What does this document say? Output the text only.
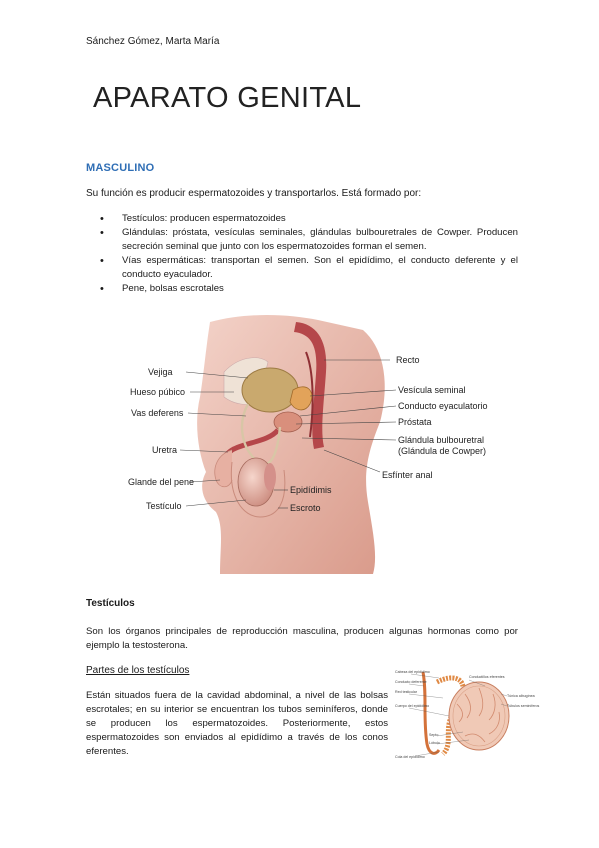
Sánchez Gómez, Marta María
APARATO GENITAL
MASCULINO
Su función es producir espermatozoides y transportarlos. Está formado por:
• Testículos: producen espermatozoides
• Glándulas: próstata, vesículas seminales, glándulas bulbouretrales de Cowper. Producen secreción seminal que junto con los espermatozoides forman el semen.
• Vías espermáticas: transportan el semen. Son el epidídimo, el conducto deferente y el conducto eyaculador.
• Pene, bolsas escrotales
Vejiga
Hueso púbico
Vas deferens
Uretra
Glande del pene
Testículo
Recto
Vesícula seminal
Conducto eyaculatorio
Próstata
Glándula bulbouretral
(Glándula de Cowper)
Esfínter anal
Epidídimis
Escroto
Testículos
Son los órganos principales de reproducción masculina, producen algunas hormonas como por ejemplo la testosterona.
Partes de los testículos
Están situados fuera de la cavidad abdominal, a nivel de las bolsas escrotales; en su interior se encuentran los tubos seminíferos, donde se producen los espermatozoides. Posteriormente, estos espermatozoides son enviados al epidídimo a través de los conos eferentes.
Cabeza del epidídimo
Conducto deferente
Conductillos eferentes
Red testicular
Cuerpo del epidídimo
Túnica albugínea
Túbulos seminíferos
Septo
Lóbulo
Cola del epidídimo
